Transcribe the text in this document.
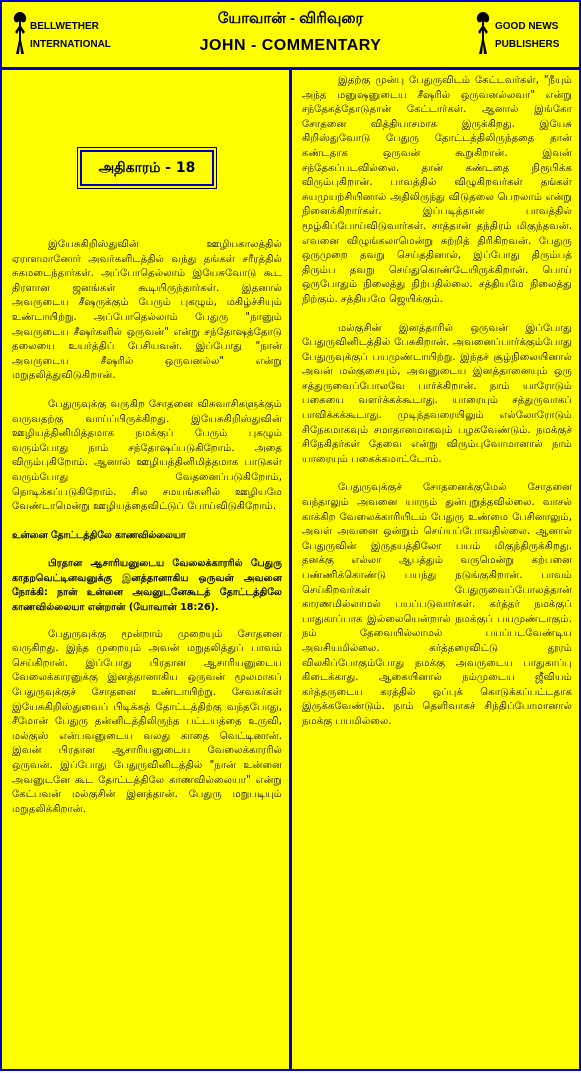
BELLWETHER
INTERNATIONAL
யோவான் - விரிவுரை
JOHN - COMMENTARY
GOOD NEWS
PUBLISHERS
அதிகாரம் - 18

இயேசுகிறிஸ்துவின் ஊழியகாலத்தில் ஏராளமானோர் அவர்களிடத்தில் வந்து தங்கள் சரீரத்தில் சுகமடைந்தார்கள். அப்போதெல்லாம் இயேசுவோடு கூட திரளான ஜனங்கள் கூடியிருந்தார்கள். இதனால் அவருடைய சீஷருக்கும் பேரும் புகழும், மகிழ்ச்சியும் உண்டாயிற்று. அப்போதெல்லாம் பேதுரு "நானும் அவருடைய சீஷர்களில் ஒருவன்" என்று சந்தோஷத்தோடு தலையை உயர்த்திப் பேசியவன். இப்போது "நான் அவருடைய சீஷரில் ஒருவனல்ல" என்று மறுதலித்துவிடுகிறான்.

பேதுருவுக்கு வருகிற சோதனை விசுவாசிகளுக்கும் வருவதற்கு வாய்ப்பிருக்கிறது. இயேசுகிறிஸ்துவின் ஊழியத்தினிமித்தமாக நமக்குப் பேரும் புகழும் வரும்போது நாம் சந்தோஷப்படுகிறோம். அதை விரும்புகிறோம். ஆனால் ஊழியத்தினிமித்தமாக பாடுகள் வரும்போது வேதனைப்படுகிறோம், நொடிக்கப்படுகிறோம். சில சமயங்களில் ஊழியமே வேண்டாமென்று ஊழியத்தைவிட்டுப் போய்விடுகிறோம்.

உன்னை தோட்டத்திலே காணவில்லையா

பிரதான ஆசாரியனுடைய வேலைக்காரரில் பேதுரு காதறவெட்டினவனுக்கு இனத்தானாகிய ஒருவன் அவனை நோக்கி: நான் உன்னை அவனுடனேகூடத் தோட்டத்திலே காணவில்லையா என்றான் (யோவான் 18:26).

பேதுருவுக்கு மூன்றாம் முறையும் சோதனை வருகிறது. இந்த முறையும் அவன் மறுதலித்துப் பாவம் செய்கிறான். இப்போது பிரதான ஆசாரியனுடைய வேலைக்காரனுக்கு இனத்தானாகிய ஒருவன் மூலமாகப் பேதுருவுக்குச் சோதனை உண்டாயிற்று. சேவகர்கள் இயேசுகிறிஸ்துவைப் பிடிக்கத் தோட்டத்திற்கு வந்தபோது, சீமோன் பேதுரு தன்னிடத்திலிருந்த பட்டயத்தை உருவி, மல்குஸ் என்பவனுடைய வலது காதை வெட்டினான். இவன் பிரதான ஆசாரியனுடைய வேலைக்காரரில் ஒருவன். இப்போது பேதுருவினிடத்தில் "நான் உன்னை அவனுடனே கூட தோட்டத்திலே காணவில்லையா" என்று கேட்பவன் மல்குசின் இனத்தான். பேதுரு மறுபடியும் மறுதலிக்கிறான்.

இதற்கு முன்பு பேதுருவிடம் கேட்டவர்கள், "நீயும் அந்த மனுஷனுடைய சீஷரில் ஒருவனல்லவா" என்று சந்தேகத்தோடுதான் கேட்டார்கள். ஆனால் இங்கோ சோதனை வித்தியாசமாக இருக்கிறது. இயேசு கிறிஸ்துவோடு பேதுரு தோட்டத்திலிருந்ததை தான் கண்டதாக ஒருவன் கூறுகிறான். இவன் சந்தேகப்படவில்லை. தான் கண்டதை நிரூபிக்க விரும்புகிறான். பாவத்தில் விழுகிறவர்கள் தங்கள் சுயமுயற்சியினால் அதிலிருந்து விடுதலை பெறலாம் என்று நினைக்கிறார்கள். இப்படித்தான் பாவத்தில் மூழ்கிப்போய்விடுவார்கள். சாத்தான் தந்திரம் மிகுந்தவன். எவனை விழுங்கலாமென்று சுற்றித் திரிகிறவன். பேதுரு ஒருமுறை தவறு செய்ததினால், இப்போது திரும்பத் திரும்ப தவறு செய்துகொண்டேயிருக்கிறான். பொய் ஒருபோதும் நிலைத்து நிற்பதில்லை. சத்தியமே நிலைத்து நிற்கும். சத்தியமே ஜெயிக்கும்.

மல்குசின் இனத்தாரில் ஒருவன் இப்போது பேதுருவினிடத்தில் பேசுகிறான். அவனைப்பார்க்கும்போது பேதுருவுக்குப் பயமுண்டாயிற்று. இந்தச் சூழ்நிலையினால் அவன் மல்குசையும், அவனுடைய இனத்தானையும் ஒரு சத்துருவைப்போலவே பார்க்கிறான். நாம் யாரோடும் பகையை வளர்க்கக்கூடாது. யாரையும் சத்துருவாகப் பாவிக்கக்கூடாது. முடிந்தவரையிலும் எல்லோரோடும் சிநேகமாகவும் சமாதானமாகவும் பழகவேண்டும். நமக்குச் சிநேகிதர்கள் தேவை என்று விரும்புவோமானால் நாம் யாரையும் பகைக்கமாட்டோம்.

பேதுருவுக்குச் சோதனைக்குமேல் சோதனை வந்தாலும் அவனை யாரும் துன்புறுத்தவில்லை. வாசல் காக்கிற வேலைக்காரியிடம் பேதுரு உண்மை பேசினாலும், அவள் அவனை ஒன்றும் செய்யப்போவதில்லை. ஆனால் பேதுருவின் இருதயத்திலோ பயம் மிகுந்திருக்கிறது. தனக்கு எல்லா ஆபத்தும் வருமென்று கற்பனை பண்ணிக்கொண்டு பயந்து நடுங்குகிறான். பாவம் செய்கிறவர்கள் பேதுருவைப்போலத்தான் காரணமில்லாமல் பயப்படுவார்கள். கர்த்தர் நமக்குப் பாதுகாப்பாக இல்லையென்றால் நமக்குப் பயமுண்டாகும். நம் தேவையில்லாமல் பயப்படவேண்டிய அவசியமில்லை. கர்த்தரைவிட்டு தூரம் விலகிப்போகும்போது நமக்கு அவருடைய பாதுகாப்பு கிடைக்காது. ஆகையினால் நம்முடைய ஜீவியம் கர்த்தருடைய கரத்தில் ஒப்புக் கொடுக்கப்பட்டதாக இருக்கவேண்டும். நாம் தெளிவாகச் சிந்திப்போமானால் நமக்கு பயமில்லை.
